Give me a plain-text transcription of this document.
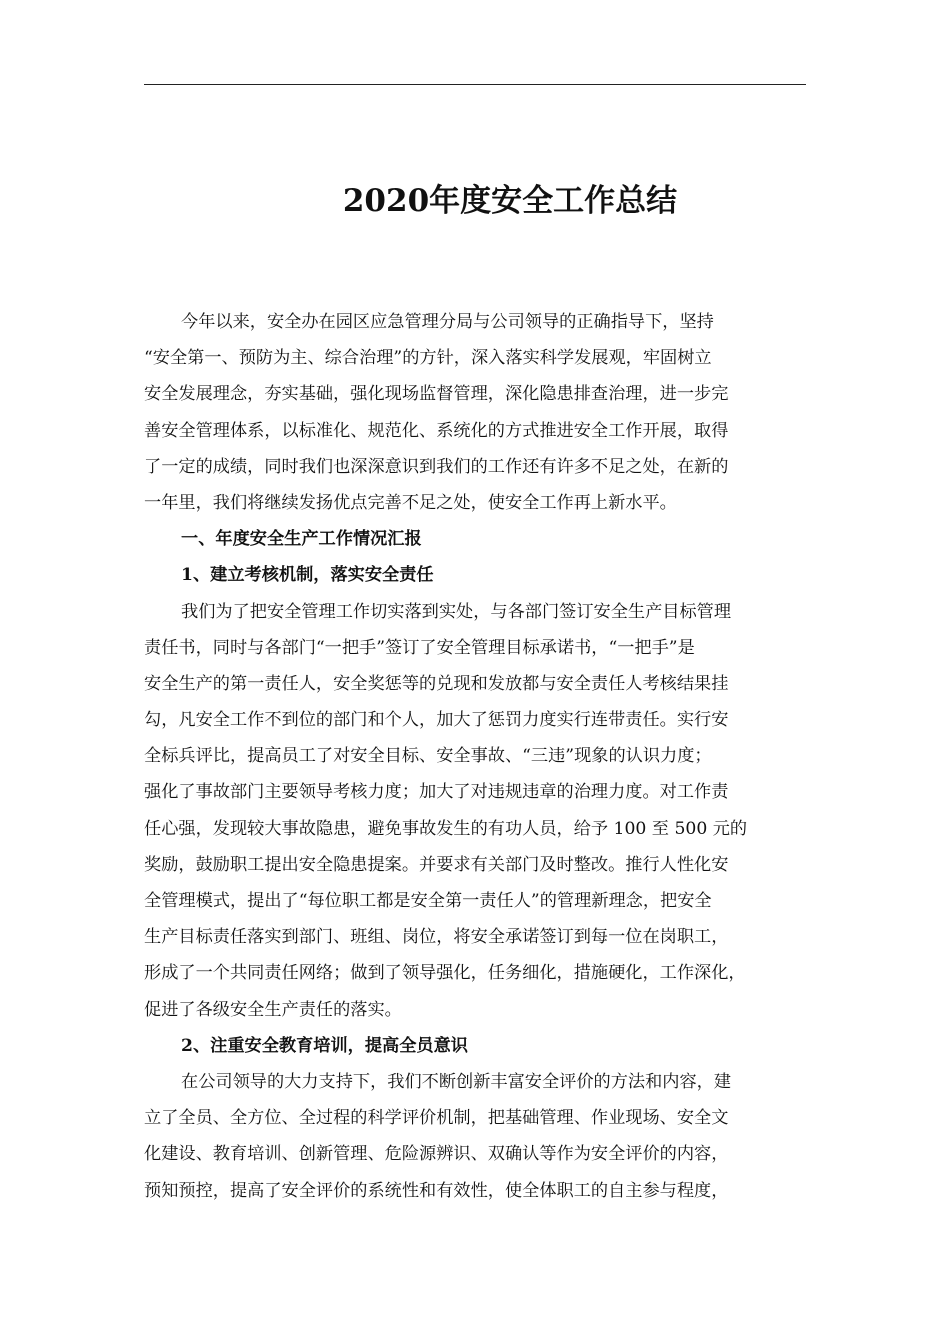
2020年度安全工作总结
今年以来，安全办在园区应急管理分局与公司领导的正确指导下，坚持
“安全第一、预防为主、综合治理”的方针，深入落实科学发展观，牢固树立
安全发展理念，夯实基础，强化现场监督管理，深化隐患排查治理，进一步完
善安全管理体系，以标准化、规范化、系统化的方式推进安全工作开展，取得
了一定的成绩，同时我们也深深意识到我们的工作还有许多不足之处，在新的
一年里，我们将继续发扬优点完善不足之处，使安全工作再上新水平。
一、年度安全生产工作情况汇报
1、建立考核机制，落实安全责任
我们为了把安全管理工作切实落到实处，与各部门签订安全生产目标管理
责任书，同时与各部门“一把手”签订了安全管理目标承诺书，“一把手”是
安全生产的第一责任人，安全奖惩等的兑现和发放都与安全责任人考核结果挂
勾，凡安全工作不到位的部门和个人，加大了惩罚力度实行连带责任。实行安
全标兵评比，提高员工了对安全目标、安全事故、“三违”现象的认识力度；
强化了事故部门主要领导考核力度；加大了对违规违章的治理力度。对工作责
任心强，发现较大事故隐患，避免事故发生的有功人员，给予 100 至 500 元的
奖励，鼓励职工提出安全隐患提案。并要求有关部门及时整改。推行人性化安
全管理模式，提出了“每位职工都是安全第一责任人”的管理新理念，把安全
生产目标责任落实到部门、班组、岗位，将安全承诺签订到每一位在岗职工，
形成了一个共同责任网络；做到了领导强化，任务细化，措施硬化，工作深化，
促进了各级安全生产责任的落实。
2、注重安全教育培训，提高全员意识
在公司领导的大力支持下，我们不断创新丰富安全评价的方法和内容，建
立了全员、全方位、全过程的科学评价机制，把基础管理、作业现场、安全文
化建设、教育培训、创新管理、危险源辨识、双确认等作为安全评价的内容，
预知预控，提高了安全评价的系统性和有效性，使全体职工的自主参与程度，
